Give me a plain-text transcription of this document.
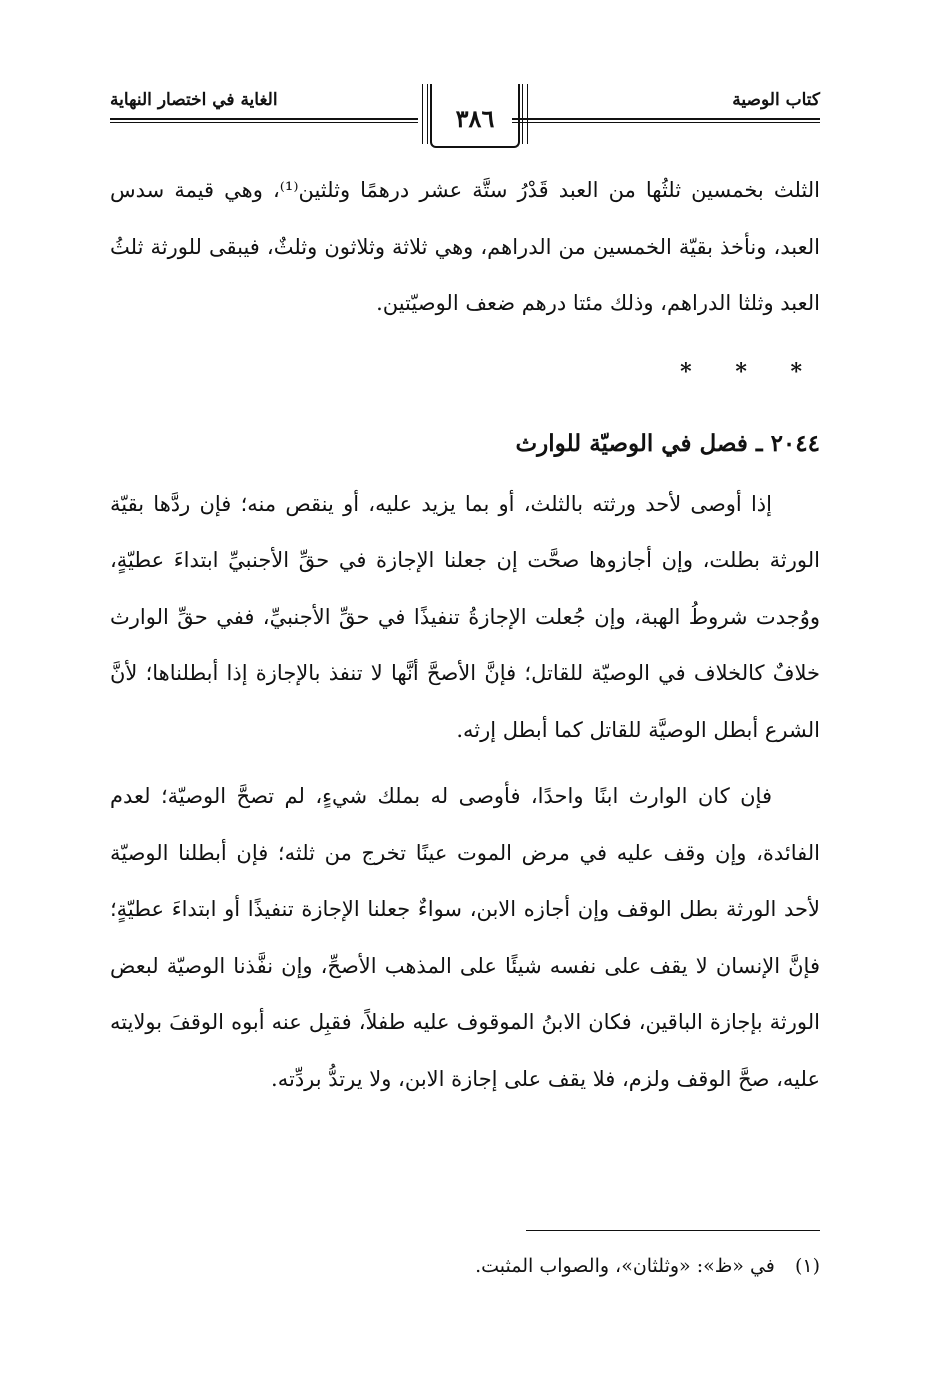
الغاية في اختصار النهاية	كتاب الوصية
٣٨٦

الثلث بخمسين ثلثُها من العبد قَدْرُ ستَّة عشر درهمًا وثلثين⁽¹⁾، وهي قيمة سدس العبد، ونأخذ بقيّة الخمسين من الدراهم، وهي ثلاثة وثلاثون وثلثٌ، فيبقى للورثة ثلثُ العبد وثلثا الدراهم، وذلك مئتا درهم ضعف الوصيّتين.

* * *
٢٠٤٤ ـ فصل في الوصيّة للوارث

إذا أوصى لأحد ورثته بالثلث، أو بما يزيد عليه، أو ينقص منه؛ فإن ردَّها بقيّة الورثة بطلت، وإن أجازوها صحَّت إن جعلنا الإجازة في حقِّ الأجنبيِّ ابتداءَ عطيّةٍ، ووُجدت شروطُ الهبة، وإن جُعلت الإجازةُ تنفيذًا في حقِّ الأجنبيِّ، ففي حقِّ الوارث خلافٌ كالخلاف في الوصيّة للقاتل؛ فإنَّ الأصحَّ أنَّها لا تنفذ بالإجازة إذا أبطلناها؛ لأنَّ الشرع أبطل الوصيَّة للقاتل كما أبطل إرثه.

فإن كان الوارث ابنًا واحدًا، فأوصى له بملك شيءٍ، لم تصحَّ الوصيّة؛ لعدم الفائدة، وإن وقف عليه في مرض الموت عينًا تخرج من ثلثه؛ فإن أبطلنا الوصيّة لأحد الورثة بطل الوقف وإن أجازه الابن، سواءٌ جعلنا الإجازة تنفيذًا أو ابتداءَ عطيّةٍ؛ فإنَّ الإنسان لا يقف على نفسه شيئًا على المذهب الأصحِّ، وإن نفَّذنا الوصيّة لبعض الورثة بإجازة الباقين، فكان الابنُ الموقوف عليه طفلاً، فقبِل عنه أبوه الوقفَ بولايته عليه، صحَّ الوقف ولزم، فلا يقف على إجازة الابن، ولا يرتدُّ بردِّته.

(١) في «ظ»: «وثلثان»، والصواب المثبت.
